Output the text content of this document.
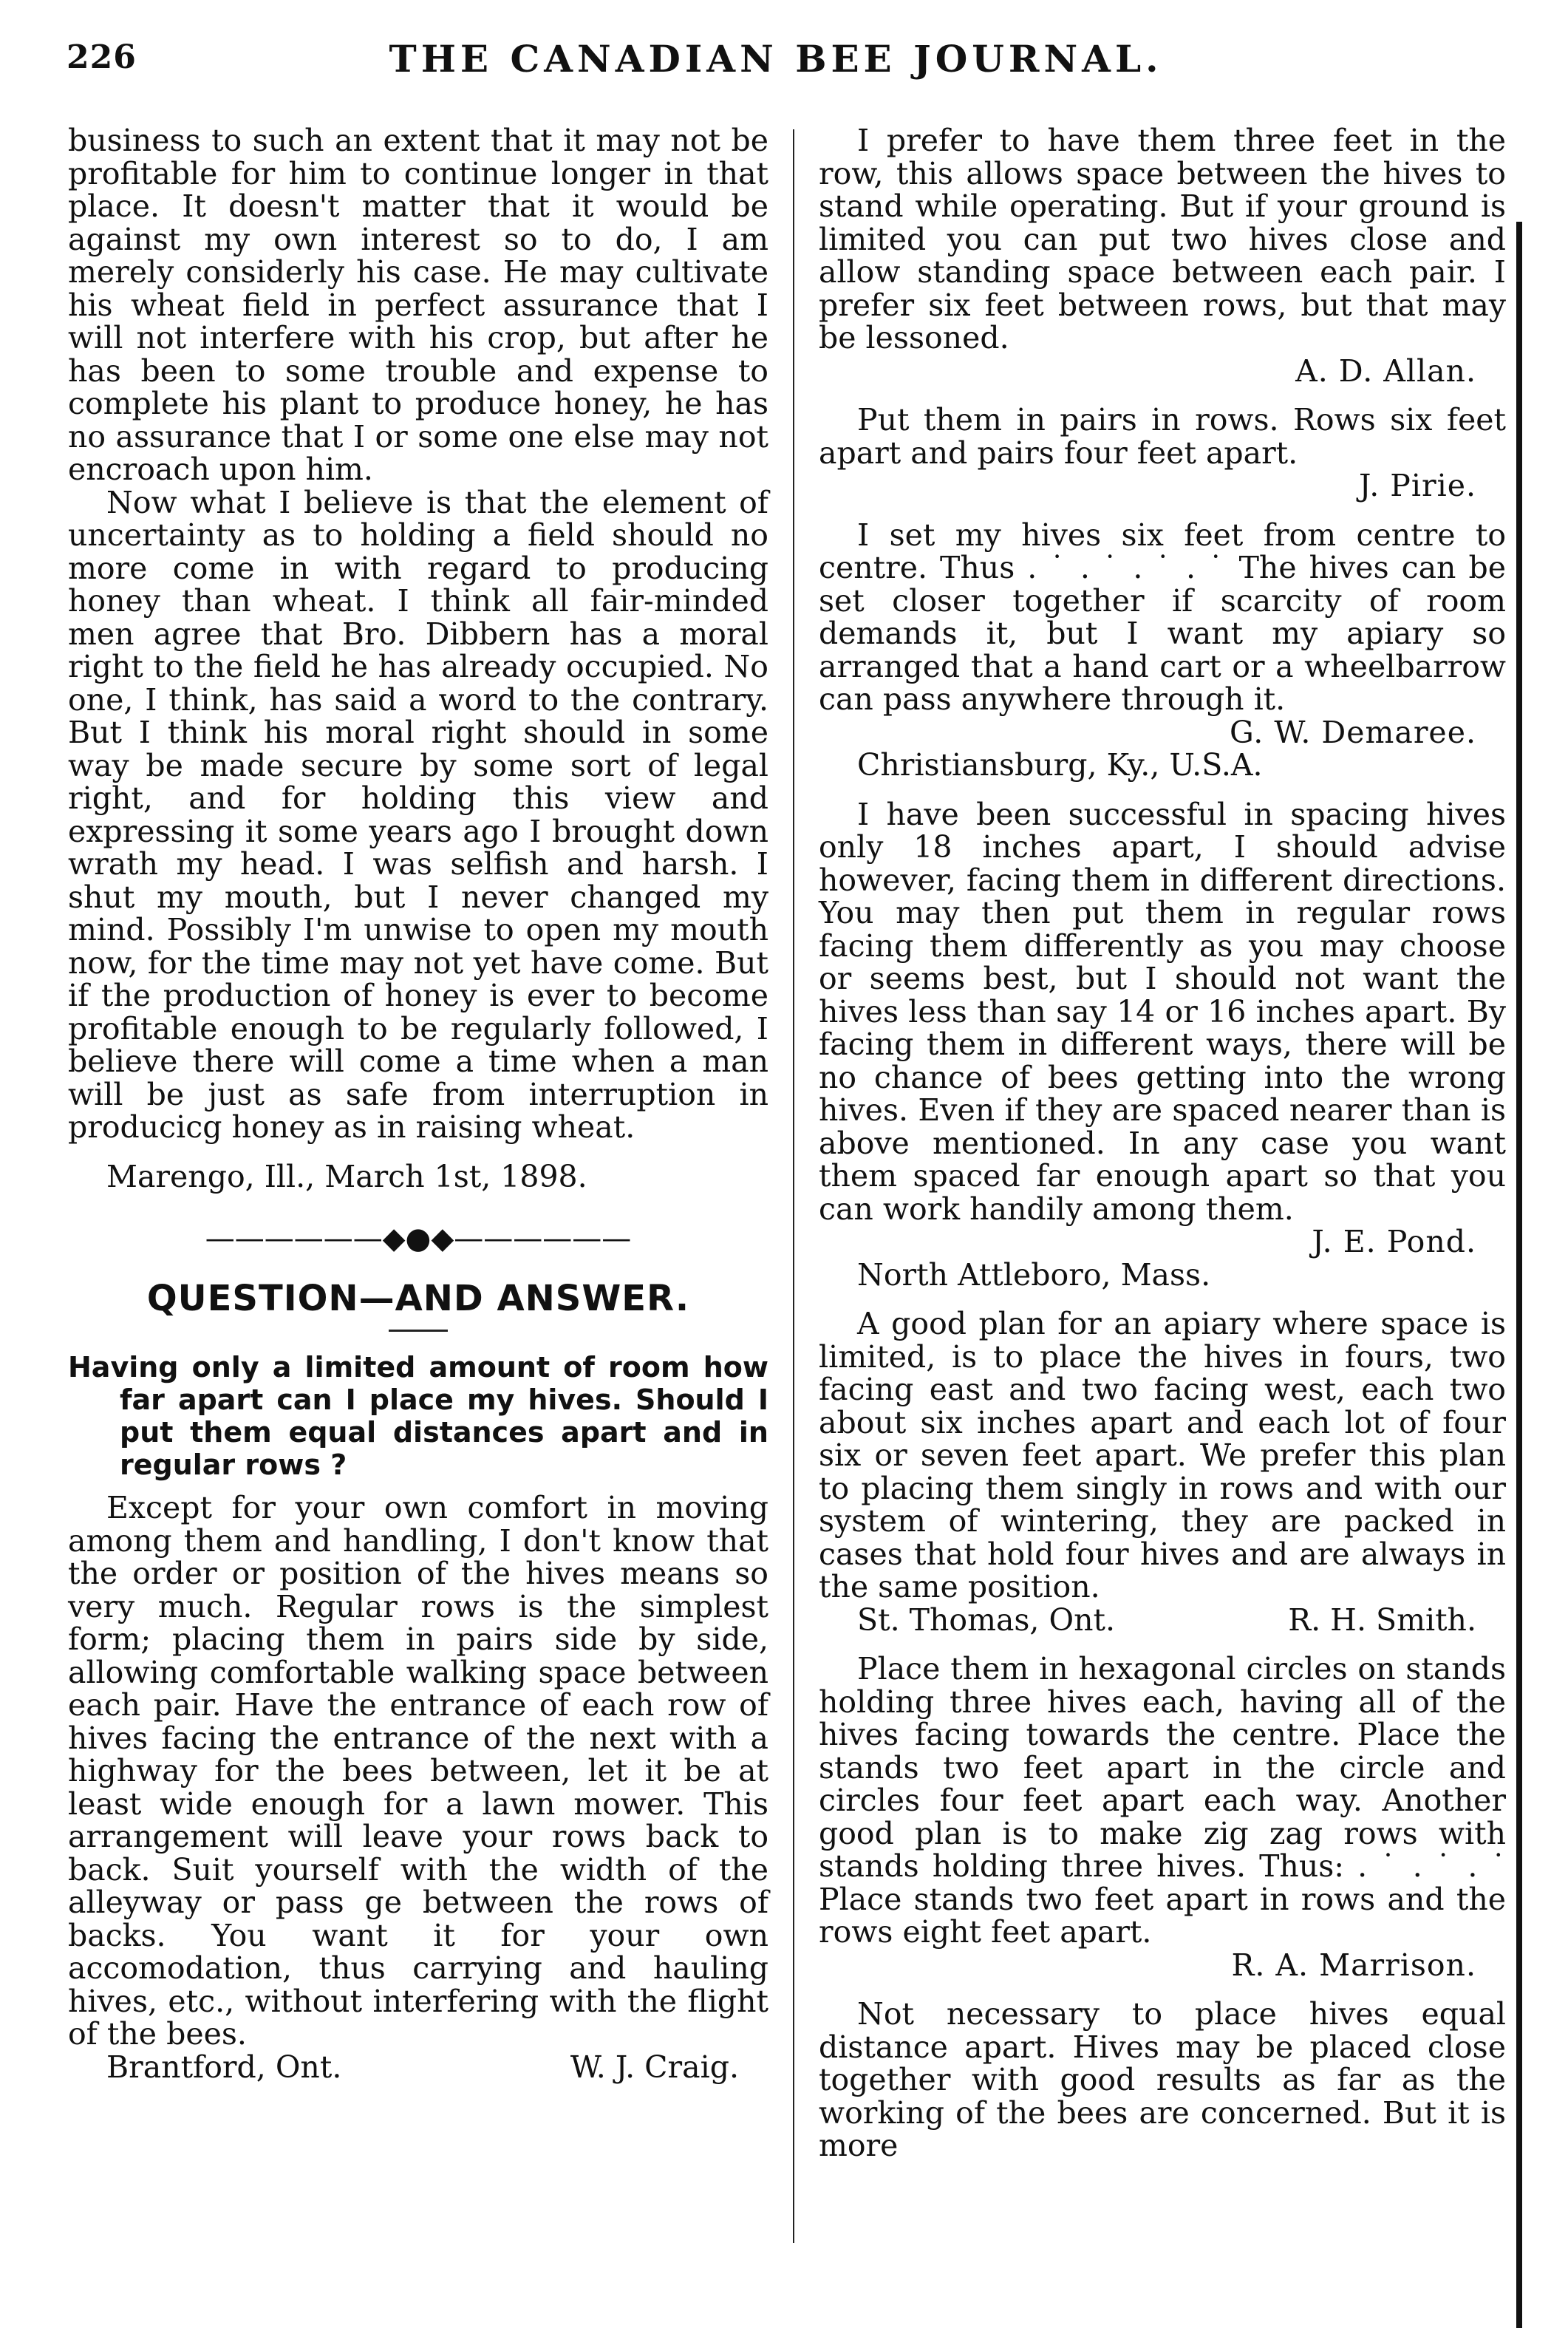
226	THE CANADIAN BEE JOURNAL.

business to such an extent that it may not be profitable for him to continue longer in that place. It doesn't matter that it would be against my own interest so to do, I am merely considerly his case. He may cultivate his wheat field in perfect assurance that I will not interfere with his crop, but after he has been to some trouble and expense to complete his plant to produce honey, he has no assurance that I or some one else may not encroach upon him.

Now what I believe is that the element of uncertainty as to holding a field should no more come in with regard to producing honey than wheat. I think all fair-minded men agree that Bro. Dibbern has a moral right to the field he has already occupied. No one, I think, has said a word to the contrary. But I think his moral right should in some way be made secure by some sort of legal right, and for holding this view and expressing it some years ago I brought down wrath my head. I was selfish and harsh. I shut my mouth, but I never changed my mind. Possibly I'm unwise to open my mouth now, for the time may not yet have come. But if the production of honey is ever to become profitable enough to be regularly followed, I believe there will come a time when a man will be just as safe from interruption in producicg honey as in raising wheat.

Marengo, Ill., March 1st, 1898.

——————◆●◆——————
QUESTION—AND ANSWER.

Having only a limited amount of room how far apart can I place my hives. Should I put them equal distances apart and in regular rows ?

Except for your own comfort in moving among them and handling, I don't know that the order or position of the hives means so very much. Regular rows is the simplest form; placing them in pairs side by side, allowing comfortable walking space between each pair. Have the entrance of each row of hives facing the entrance of the next with a highway for the bees between, let it be at least wide enough for a lawn mower. This arrangement will leave your rows back to back. Suit yourself with the width of the alleyway or pass ge between the rows of backs. You want it for your own accomodation, thus carrying and hauling hives, etc., without interfering with the flight of the bees.

Brantford, Ont.	W. J. Craig.

I prefer to have them three feet in the row, this allows space between the hives to stand while operating. But if your ground is limited you can put two hives close and allow standing space between each pair. I prefer six feet between rows, but that may be lessoned.

A. D. Allan.

Put them in pairs in rows. Rows six feet apart and pairs four feet apart.

J. Pirie.

I set my hives six feet from centre to centre. Thus . ˙ . ˙ . ˙ . ˙ The hives can be set closer together if scarcity of room demands it, but I want my apiary so arranged that a hand cart or a wheelbarrow can pass anywhere through it.

G. W. Demaree.

Christiansburg, Ky., U.S.A.

I have been successful in spacing hives only 18 inches apart, I should advise however, facing them in different directions. You may then put them in regular rows facing them differently as you may choose or seems best, but I should not want the hives less than say 14 or 16 inches apart. By facing them in different ways, there will be no chance of bees getting into the wrong hives. Even if they are spaced nearer than is above mentioned. In any case you want them spaced far enough apart so that you can work handily among them.

J. E. Pond.

North Attleboro, Mass.

A good plan for an apiary where space is limited, is to place the hives in fours, two facing east and two facing west, each two about six inches apart and each lot of four six or seven feet apart. We prefer this plan to placing them singly in rows and with our system of wintering, they are packed in cases that hold four hives and are always in the same position.

St. Thomas, Ont.	R. H. Smith.

Place them in hexagonal circles on stands holding three hives each, having all of the hives facing towards the centre. Place the stands two feet apart in the circle and circles four feet apart each way. Another good plan is to make zig zag rows with stands holding three hives. Thus: . ˙ . ˙ . ˙ Place stands two feet apart in rows and the rows eight feet apart.

R. A. Marrison.

Not necessary to place hives equal distance apart. Hives may be placed close together with good results as far as the working of the bees are concerned. But it is more
